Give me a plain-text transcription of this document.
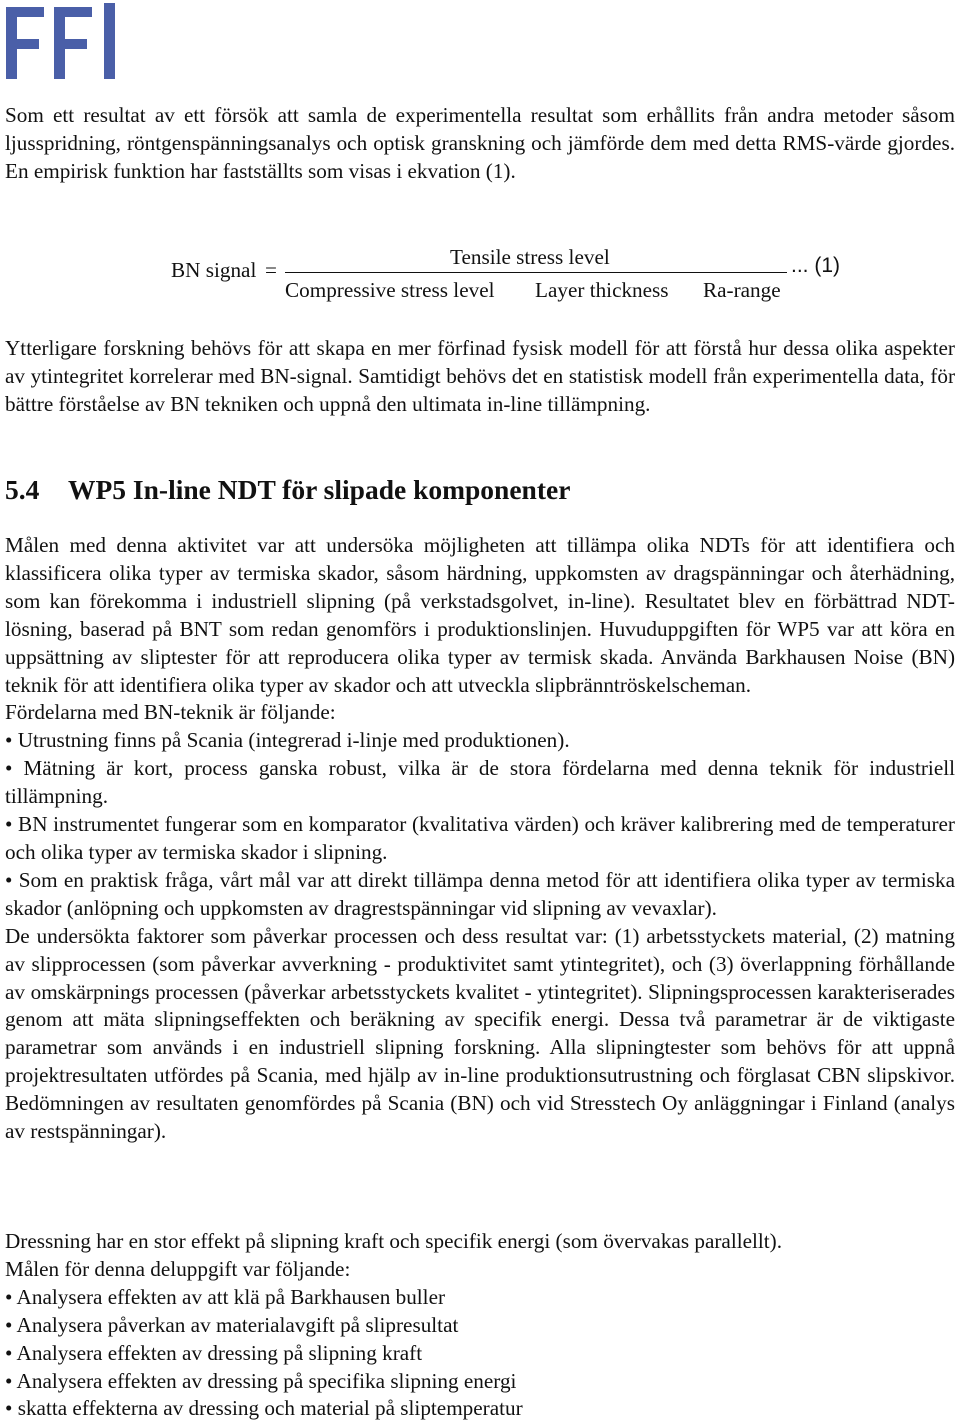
Som ett resultat av ett försök att samla de experimentella resultat som erhållits från andra metoder såsom ljusspridning, röntgenspänningsanalys och optisk granskning och jämförde dem med detta RMS-värde gjordes. En empirisk funktion har fastställts som visas i ekvation (1).

BN signal =
Tensile stress level
Compressive stress level Layer thickness Ra-range
... (1)

Ytterligare forskning behövs för att skapa en mer förfinad fysisk modell för att förstå hur dessa olika aspekter av ytintegritet korrelerar med BN-signal. Samtidigt behövs det en statistisk modell från experimentella data, för bättre förståelse av BN tekniken och uppnå den ultimata in-line tillämpning.

5.4 WP5 In-line NDT för slipade komponenter
Målen med denna aktivitet var att undersöka möjligheten att tillämpa olika NDTs för att identifiera och klassificera olika typer av termiska skador, såsom härdning, uppkomsten av dragspänningar och återhädning, som kan förekomma i industriell slipning (på verkstadsgolvet, in-line). Resultatet blev en förbättrad NDT-lösning, baserad på BNT som redan genomförs i produktionslinjen. Huvuduppgiften för WP5 var att köra en uppsättning av sliptester för att reproducera olika typer av termisk skada. Använda Barkhausen Noise (BN) teknik för att identifiera olika typer av skador och att utveckla slipbränntröskelscheman.
Fördelarna med BN-teknik är följande:
• Utrustning finns på Scania (integrerad i-linje med produktionen).
• Mätning är kort, process ganska robust, vilka är de stora fördelarna med denna teknik för industriell tillämpning.
• BN instrumentet fungerar som en komparator (kvalitativa värden) och kräver kalibrering med de temperaturer och olika typer av termiska skador i slipning.
• Som en praktisk fråga, vårt mål var att direkt tillämpa denna metod för att identifiera olika typer av termiska skador (anlöpning och uppkomsten av dragrestspänningar vid slipning av vevaxlar).
De undersökta faktorer som påverkar processen och dess resultat var: (1) arbetsstyckets material, (2) matning av slipprocessen (som påverkar avverkning - produktivitet samt ytintegritet), och (3) överlappning förhållande av omskärpnings processen (påverkar arbetsstyckets kvalitet - ytintegritet). Slipningsprocessen karakteriserades genom att mäta slipningseffekten och beräkning av specifik energi. Dessa två parametrar är de viktigaste parametrar som används i en industriell slipning forskning. Alla slipningtester som behövs för att uppnå projektresultaten utfördes på Scania, med hjälp av in-line produktionsutrustning och förglasat CBN slipskivor. Bedömningen av resultaten genomfördes på Scania (BN) och vid Stresstech Oy anläggningar i Finland (analys av restspänningar).
Dressning har en stor effekt på slipning kraft och specifik energi (som övervakas parallellt).
Målen för denna deluppgift var följande:
• Analysera effekten av att klä på Barkhausen buller
• Analysera påverkan av materialavgift på slipresultat
• Analysera effekten av dressing på slipning kraft
• Analysera effekten av dressing på specifika slipning energi
• skatta effekterna av dressing och material på sliptemperatur
